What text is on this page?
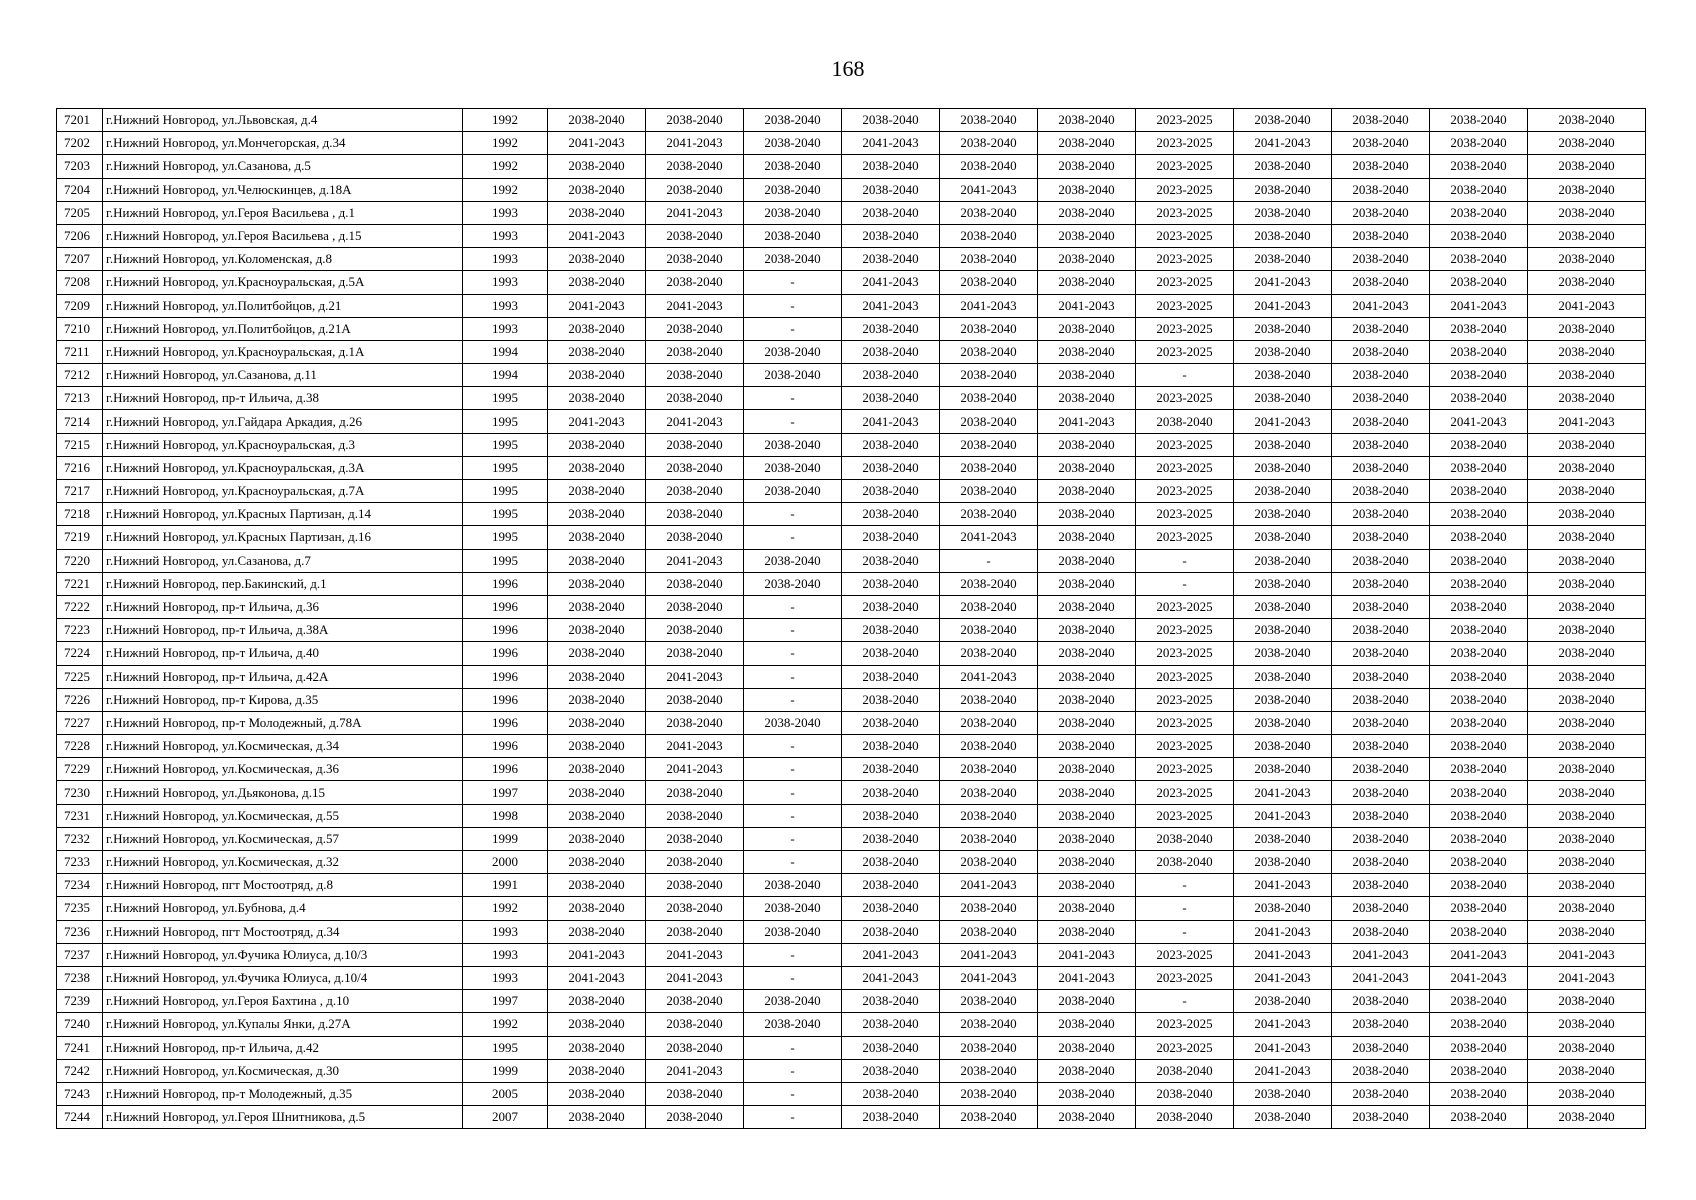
168
7201	г.Нижний Новгород, ул.Львовская, д.4	1992	2038-2040	2038-2040	2038-2040	2038-2040	2038-2040	2038-2040	2023-2025	2038-2040	2038-2040	2038-2040	2038-2040
7202	г.Нижний Новгород, ул.Мончегорская, д.34	1992	2041-2043	2041-2043	2038-2040	2041-2043	2038-2040	2038-2040	2023-2025	2041-2043	2038-2040	2038-2040	2038-2040
7203	г.Нижний Новгород, ул.Сазанова, д.5	1992	2038-2040	2038-2040	2038-2040	2038-2040	2038-2040	2038-2040	2023-2025	2038-2040	2038-2040	2038-2040	2038-2040
7204	г.Нижний Новгород, ул.Челюскинцев, д.18А	1992	2038-2040	2038-2040	2038-2040	2038-2040	2041-2043	2038-2040	2023-2025	2038-2040	2038-2040	2038-2040	2038-2040
7205	г.Нижний Новгород, ул.Героя Васильева , д.1	1993	2038-2040	2041-2043	2038-2040	2038-2040	2038-2040	2038-2040	2023-2025	2038-2040	2038-2040	2038-2040	2038-2040
7206	г.Нижний Новгород, ул.Героя Васильева , д.15	1993	2041-2043	2038-2040	2038-2040	2038-2040	2038-2040	2038-2040	2023-2025	2038-2040	2038-2040	2038-2040	2038-2040
7207	г.Нижний Новгород, ул.Коломенская, д.8	1993	2038-2040	2038-2040	2038-2040	2038-2040	2038-2040	2038-2040	2023-2025	2038-2040	2038-2040	2038-2040	2038-2040
7208	г.Нижний Новгород, ул.Красноуральская, д.5А	1993	2038-2040	2038-2040	-	2041-2043	2038-2040	2038-2040	2023-2025	2041-2043	2038-2040	2038-2040	2038-2040
7209	г.Нижний Новгород, ул.Политбойцов, д.21	1993	2041-2043	2041-2043	-	2041-2043	2041-2043	2041-2043	2023-2025	2041-2043	2041-2043	2041-2043	2041-2043
7210	г.Нижний Новгород, ул.Политбойцов, д.21А	1993	2038-2040	2038-2040	-	2038-2040	2038-2040	2038-2040	2023-2025	2038-2040	2038-2040	2038-2040	2038-2040
7211	г.Нижний Новгород, ул.Красноуральская, д.1А	1994	2038-2040	2038-2040	2038-2040	2038-2040	2038-2040	2038-2040	2023-2025	2038-2040	2038-2040	2038-2040	2038-2040
7212	г.Нижний Новгород, ул.Сазанова, д.11	1994	2038-2040	2038-2040	2038-2040	2038-2040	2038-2040	2038-2040	-	2038-2040	2038-2040	2038-2040	2038-2040
7213	г.Нижний Новгород, пр-т Ильича, д.38	1995	2038-2040	2038-2040	-	2038-2040	2038-2040	2038-2040	2023-2025	2038-2040	2038-2040	2038-2040	2038-2040
7214	г.Нижний Новгород, ул.Гайдара Аркадия, д.26	1995	2041-2043	2041-2043	-	2041-2043	2038-2040	2041-2043	2038-2040	2041-2043	2038-2040	2041-2043	2041-2043
7215	г.Нижний Новгород, ул.Красноуральская, д.3	1995	2038-2040	2038-2040	2038-2040	2038-2040	2038-2040	2038-2040	2023-2025	2038-2040	2038-2040	2038-2040	2038-2040
7216	г.Нижний Новгород, ул.Красноуральская, д.3А	1995	2038-2040	2038-2040	2038-2040	2038-2040	2038-2040	2038-2040	2023-2025	2038-2040	2038-2040	2038-2040	2038-2040
7217	г.Нижний Новгород, ул.Красноуральская, д.7А	1995	2038-2040	2038-2040	2038-2040	2038-2040	2038-2040	2038-2040	2023-2025	2038-2040	2038-2040	2038-2040	2038-2040
7218	г.Нижний Новгород, ул.Красных Партизан, д.14	1995	2038-2040	2038-2040	-	2038-2040	2038-2040	2038-2040	2023-2025	2038-2040	2038-2040	2038-2040	2038-2040
7219	г.Нижний Новгород, ул.Красных Партизан, д.16	1995	2038-2040	2038-2040	-	2038-2040	2041-2043	2038-2040	2023-2025	2038-2040	2038-2040	2038-2040	2038-2040
7220	г.Нижний Новгород, ул.Сазанова, д.7	1995	2038-2040	2041-2043	2038-2040	2038-2040	-	2038-2040	-	2038-2040	2038-2040	2038-2040	2038-2040
7221	г.Нижний Новгород, пер.Бакинский, д.1	1996	2038-2040	2038-2040	2038-2040	2038-2040	2038-2040	2038-2040	-	2038-2040	2038-2040	2038-2040	2038-2040
7222	г.Нижний Новгород, пр-т Ильича, д.36	1996	2038-2040	2038-2040	-	2038-2040	2038-2040	2038-2040	2023-2025	2038-2040	2038-2040	2038-2040	2038-2040
7223	г.Нижний Новгород, пр-т Ильича, д.38А	1996	2038-2040	2038-2040	-	2038-2040	2038-2040	2038-2040	2023-2025	2038-2040	2038-2040	2038-2040	2038-2040
7224	г.Нижний Новгород, пр-т Ильича, д.40	1996	2038-2040	2038-2040	-	2038-2040	2038-2040	2038-2040	2023-2025	2038-2040	2038-2040	2038-2040	2038-2040
7225	г.Нижний Новгород, пр-т Ильича, д.42А	1996	2038-2040	2041-2043	-	2038-2040	2041-2043	2038-2040	2023-2025	2038-2040	2038-2040	2038-2040	2038-2040
7226	г.Нижний Новгород, пр-т Кирова, д.35	1996	2038-2040	2038-2040	-	2038-2040	2038-2040	2038-2040	2023-2025	2038-2040	2038-2040	2038-2040	2038-2040
7227	г.Нижний Новгород, пр-т Молодежный, д.78А	1996	2038-2040	2038-2040	2038-2040	2038-2040	2038-2040	2038-2040	2023-2025	2038-2040	2038-2040	2038-2040	2038-2040
7228	г.Нижний Новгород, ул.Космическая, д.34	1996	2038-2040	2041-2043	-	2038-2040	2038-2040	2038-2040	2023-2025	2038-2040	2038-2040	2038-2040	2038-2040
7229	г.Нижний Новгород, ул.Космическая, д.36	1996	2038-2040	2041-2043	-	2038-2040	2038-2040	2038-2040	2023-2025	2038-2040	2038-2040	2038-2040	2038-2040
7230	г.Нижний Новгород, ул.Дьяконова, д.15	1997	2038-2040	2038-2040	-	2038-2040	2038-2040	2038-2040	2023-2025	2041-2043	2038-2040	2038-2040	2038-2040
7231	г.Нижний Новгород, ул.Космическая, д.55	1998	2038-2040	2038-2040	-	2038-2040	2038-2040	2038-2040	2023-2025	2041-2043	2038-2040	2038-2040	2038-2040
7232	г.Нижний Новгород, ул.Космическая, д.57	1999	2038-2040	2038-2040	-	2038-2040	2038-2040	2038-2040	2038-2040	2038-2040	2038-2040	2038-2040	2038-2040
7233	г.Нижний Новгород, ул.Космическая, д.32	2000	2038-2040	2038-2040	-	2038-2040	2038-2040	2038-2040	2038-2040	2038-2040	2038-2040	2038-2040	2038-2040
7234	г.Нижний Новгород, пгт Мостоотряд, д.8	1991	2038-2040	2038-2040	2038-2040	2038-2040	2041-2043	2038-2040	-	2041-2043	2038-2040	2038-2040	2038-2040
7235	г.Нижний Новгород, ул.Бубнова, д.4	1992	2038-2040	2038-2040	2038-2040	2038-2040	2038-2040	2038-2040	-	2038-2040	2038-2040	2038-2040	2038-2040
7236	г.Нижний Новгород, пгт Мостоотряд, д.34	1993	2038-2040	2038-2040	2038-2040	2038-2040	2038-2040	2038-2040	-	2041-2043	2038-2040	2038-2040	2038-2040
7237	г.Нижний Новгород, ул.Фучика Юлиуса, д.10/3	1993	2041-2043	2041-2043	-	2041-2043	2041-2043	2041-2043	2023-2025	2041-2043	2041-2043	2041-2043	2041-2043
7238	г.Нижний Новгород, ул.Фучика Юлиуса, д.10/4	1993	2041-2043	2041-2043	-	2041-2043	2041-2043	2041-2043	2023-2025	2041-2043	2041-2043	2041-2043	2041-2043
7239	г.Нижний Новгород, ул.Героя Бахтина , д.10	1997	2038-2040	2038-2040	2038-2040	2038-2040	2038-2040	2038-2040	-	2038-2040	2038-2040	2038-2040	2038-2040
7240	г.Нижний Новгород, ул.Купалы Янки, д.27А	1992	2038-2040	2038-2040	2038-2040	2038-2040	2038-2040	2038-2040	2023-2025	2041-2043	2038-2040	2038-2040	2038-2040
7241	г.Нижний Новгород, пр-т Ильича, д.42	1995	2038-2040	2038-2040	-	2038-2040	2038-2040	2038-2040	2023-2025	2041-2043	2038-2040	2038-2040	2038-2040
7242	г.Нижний Новгород, ул.Космическая, д.30	1999	2038-2040	2041-2043	-	2038-2040	2038-2040	2038-2040	2038-2040	2041-2043	2038-2040	2038-2040	2038-2040
7243	г.Нижний Новгород, пр-т Молодежный, д.35	2005	2038-2040	2038-2040	-	2038-2040	2038-2040	2038-2040	2038-2040	2038-2040	2038-2040	2038-2040	2038-2040
7244	г.Нижний Новгород, ул.Героя Шнитникова, д.5	2007	2038-2040	2038-2040	-	2038-2040	2038-2040	2038-2040	2038-2040	2038-2040	2038-2040	2038-2040	2038-2040
